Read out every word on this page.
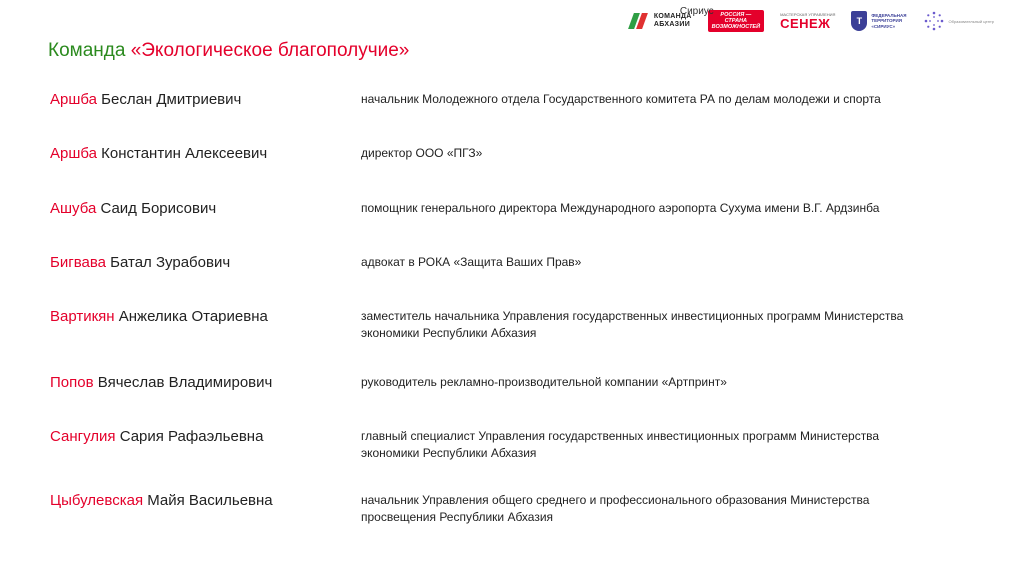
КОМАНДА
АБХАЗИИ
РОССИЯ —
СТРАНА
ВОЗМОЖНОСТЕЙ
МАСТЕРСКАЯ УПРАВЛЕНИЯ
СЕНЕЖ	Т
ФЕДЕРАЛЬНАЯ
ТЕРРИТОРИЯ
«СИРИУС»
Сириус
Образовательный центр
Команда «Экологическое благополучие»
Аршба Беслан Дмитриевич	начальник Молодежного отдела Государственного комитета РА по делам молодежи и спорта
Аршба Константин Алексеевич	директор ООО «ПГЗ»
Ашуба Саид Борисович	помощник генерального директора Международного аэропорта Сухума имени В.Г. Ардзинба
Бигвава Батал Зурабович	адвокат в РОКА «Защита Ваших Прав»
Вартикян Анжелика Отариевна	заместитель начальника Управления государственных инвестиционных программ Министерства экономики Республики Абхазия
Попов Вячеслав Владимирович	руководитель рекламно-производительной компании «Артпринт»
Сангулия Сария Рафаэльевна	главный специалист Управления государственных инвестиционных программ Министерства экономики Республики Абхазия
Цыбулевская Майя Васильевна	начальник Управления общего среднего и профессионального образования Министерства просвещения Республики Абхазия
